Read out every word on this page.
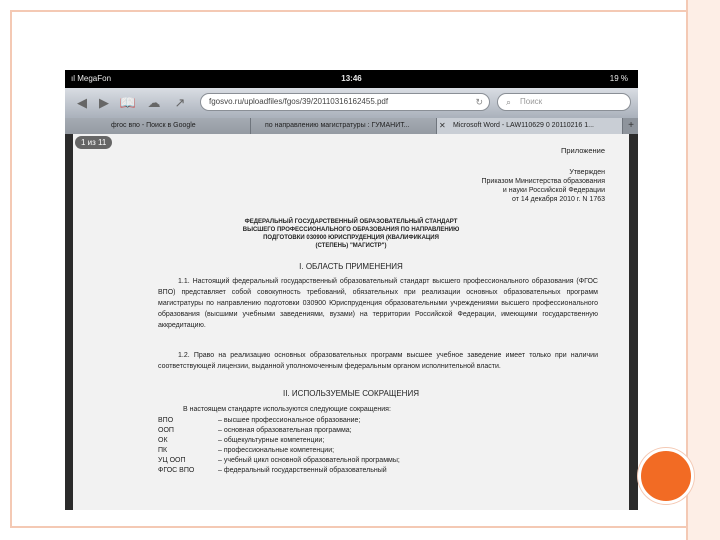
ıl MegaFon	13:46	19 %
◀ ▶ 📖 ☁ ↗	fgosvo.ru/uploadfiles/fgos/39/20110316162455.pdf	↻	⌕ Поиск
фгос впо - Поиск в Google	по направлению магистратуры : ГУМАНИТ...	✕ Microsoft Word - LAW110629 0 20110216 1...	+
Приложение
Утвержден
Приказом Министерства образования
и науки Российской Федерации
от 14 декабря 2010 г. N 1763
ФЕДЕРАЛЬНЫЙ ГОСУДАРСТВЕННЫЙ ОБРАЗОВАТЕЛЬНЫЙ СТАНДАРТ
ВЫСШЕГО ПРОФЕССИОНАЛЬНОГО ОБРАЗОВАНИЯ ПО НАПРАВЛЕНИЮ
ПОДГОТОВКИ 030900 ЮРИСПРУДЕНЦИЯ (КВАЛИФИКАЦИЯ
(СТЕПЕНЬ) "МАГИСТР")
I. ОБЛАСТЬ ПРИМЕНЕНИЯ
1.1. Настоящий федеральный государственный образовательный стандарт высшего профессионального образования (ФГОС ВПО) представляет собой совокупность требований, обязательных при реализации основных образовательных программ магистратуры по направлению подготовки 030900 Юриспруденция образовательными учреждениями высшего профессионального образования (высшими учебными заведениями, вузами) на территории Российской Федерации, имеющими государственную аккредитацию.
1.2. Право на реализацию основных образовательных программ высшее учебное заведение имеет только при наличии соответствующей лицензии, выданной уполномоченным федеральным органом исполнительной власти.
II. ИСПОЛЬЗУЕМЫЕ СОКРАЩЕНИЯ
В настоящем стандарте используются следующие сокращения:
ВПО	– высшее профессиональное образование;
ООП	– основная образовательная программа;
ОК	– общекультурные компетенции;
ПК	– профессиональные компетенции;
УЦ ООП	– учебный цикл основной образовательной программы;
ФГОС ВПО	– федеральный государственный образовательный
1 из 11
